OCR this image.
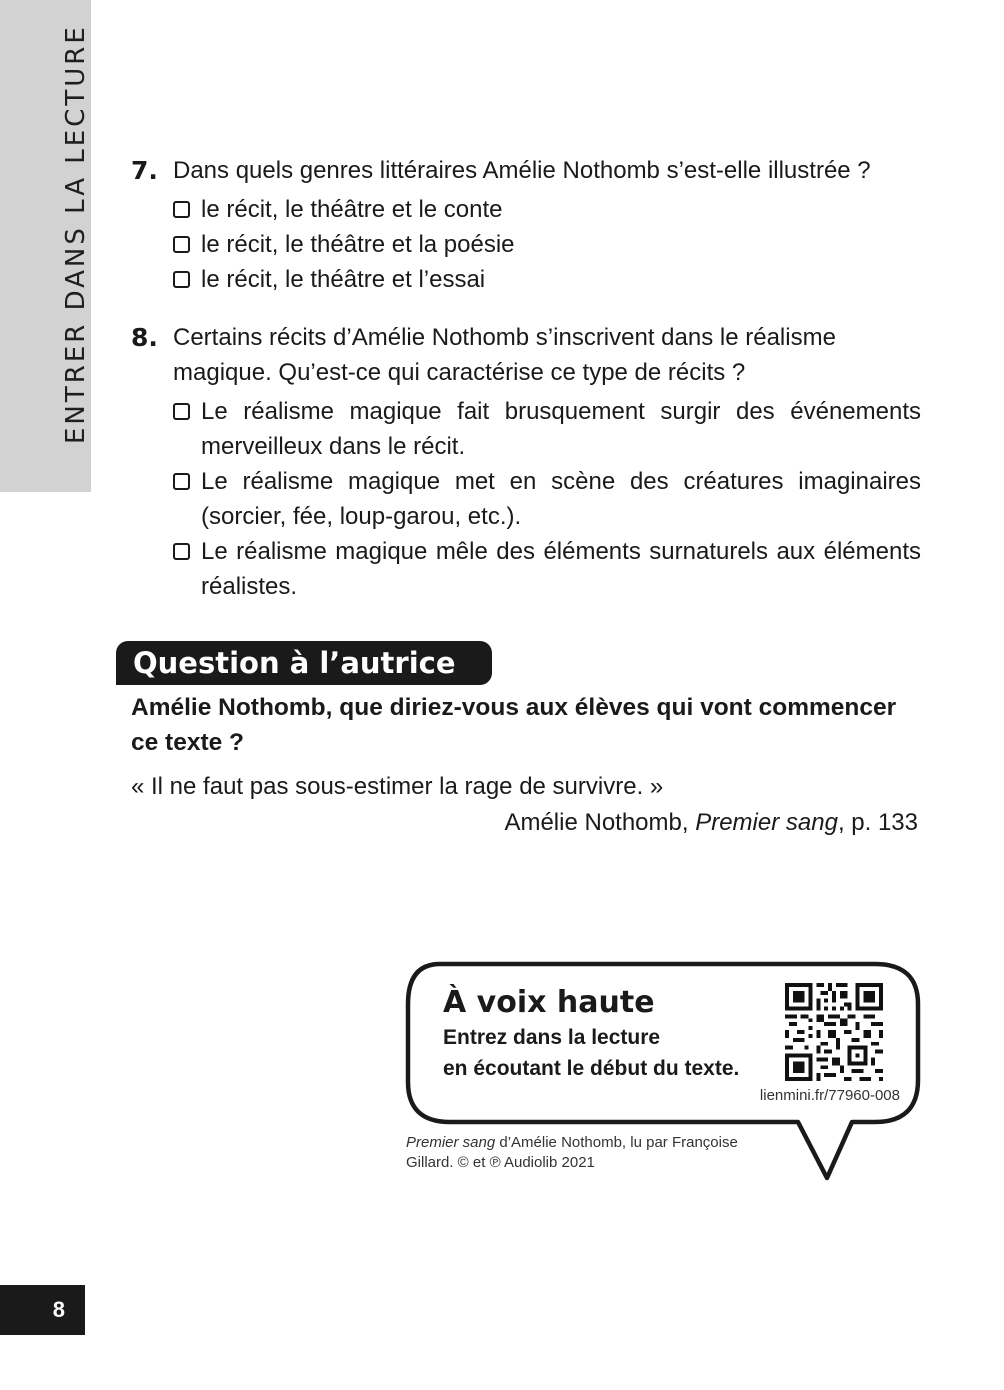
ENTRER DANS LA LECTURE 7. Dans quels genres littéraires Amélie Nothomb s’est-elle illustrée ?
le récit, le théâtre et le conte
le récit, le théâtre et la poésie
le récit, le théâtre et l’essai
8. Certains récits d’Amélie Nothomb s’inscrivent dans le réalisme magique. Qu’est-ce qui caractérise ce type de récits ?
Le réalisme magique fait brusquement surgir des événements merveilleux dans le récit.
Le réalisme magique met en scène des créatures imaginaires (sorcier, fée, loup-garou, etc.).
Le réalisme magique mêle des éléments surnaturels aux éléments réalistes.
Question à l’autrice
Amélie Nothomb, que diriez-vous aux élèves qui vont commencer ce texte ?
« Il ne faut pas sous-estimer la rage de survivre. »
Amélie Nothomb, Premier sang, p. 133
À voix haute
Entrez dans la lecture
en écoutant le début du texte.
lienmini.fr/77960-008
Premier sang d’Amélie Nothomb, lu par Françoise Gillard. © et ℗ Audiolib 2021
8
